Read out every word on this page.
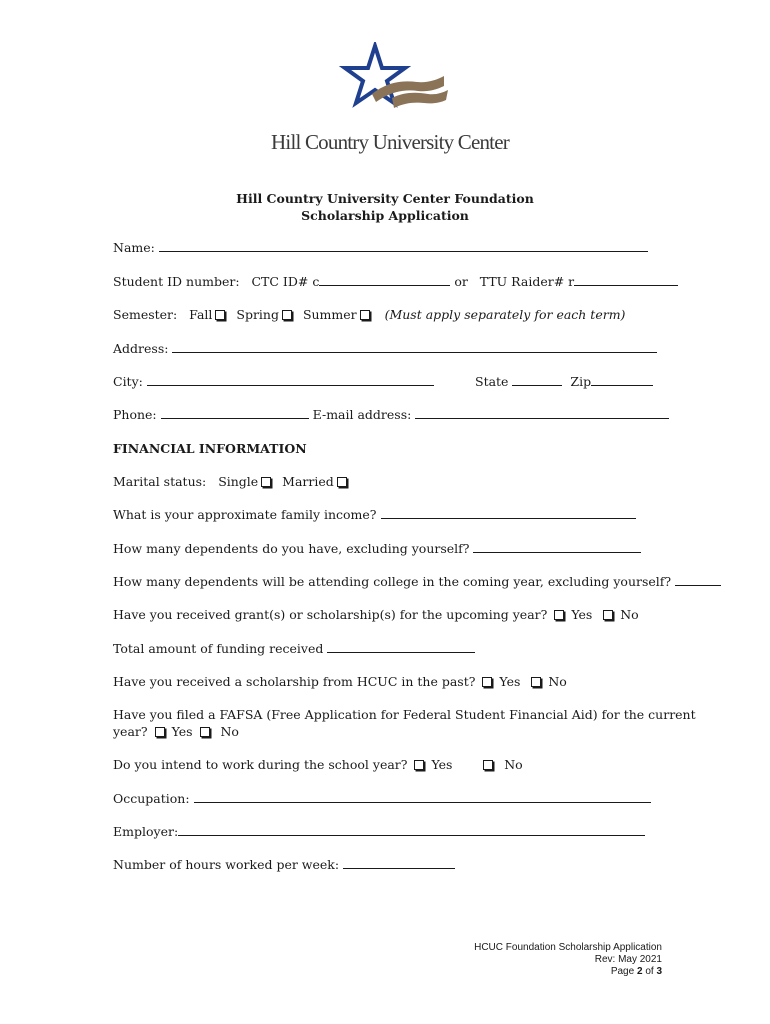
Hill Country University Center
Hill Country University Center Foundation
Scholarship Application
Name:
Student ID number: CTC ID# c	or TTU Raider# r
Semester: Fall Spring Summer (Must apply separately for each term)
Address:
City:	State	Zip
Phone:	E-mail address:
FINANCIAL INFORMATION
Marital status: Single Married
What is your approximate family income?
How many dependents do you have, excluding yourself?
How many dependents will be attending college in the coming year, excluding yourself?
Have you received grant(s) or scholarship(s) for the upcoming year? Yes No
Total amount of funding received
Have you received a scholarship from HCUC in the past? Yes No
Have you filed a FAFSA (Free Application for Federal Student Financial Aid) for the current
year? Yes No
Do you intend to work during the school year? Yes	No
Occupation:
Employer:
Number of hours worked per week:
HCUC Foundation Scholarship Application
Rev: May 2021
Page 2 of 3
